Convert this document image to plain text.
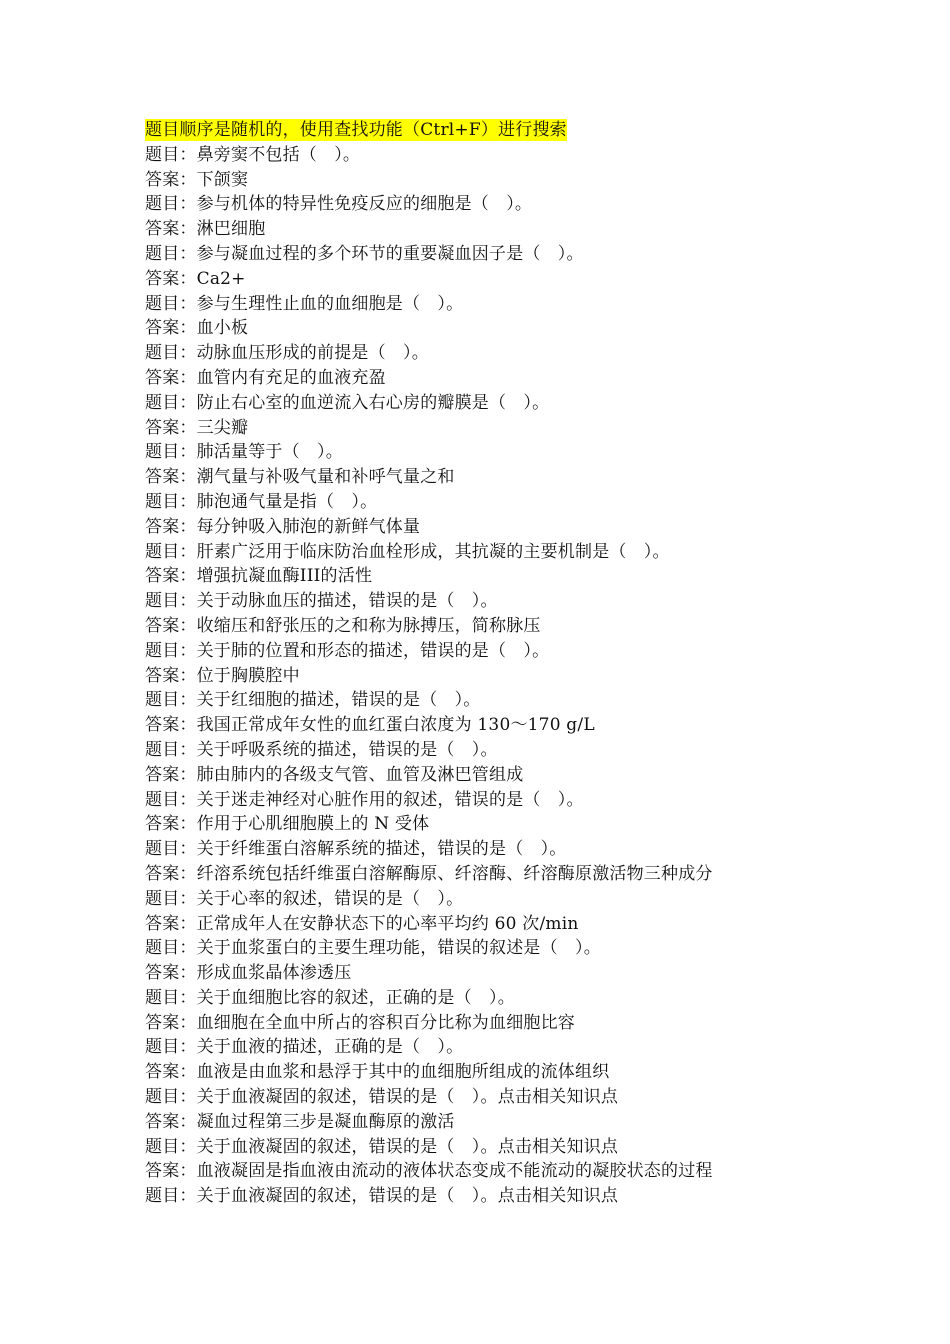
题目顺序是随机的，使用查找功能（Ctrl+F）进行搜索
题目：鼻旁窦不包括（　）。
答案：下颌窦
题目：参与机体的特异性免疫反应的细胞是（　）。
答案：淋巴细胞
题目：参与凝血过程的多个环节的重要凝血因子是（　）。
答案：Ca2+
题目：参与生理性止血的血细胞是（　）。
答案：血小板
题目：动脉血压形成的前提是（　）。
答案：血管内有充足的血液充盈
题目：防止右心室的血逆流入右心房的瓣膜是（　）。
答案：三尖瓣
题目：肺活量等于（　）。
答案：潮气量与补吸气量和补呼气量之和
题目：肺泡通气量是指（　）。
答案：每分钟吸入肺泡的新鲜气体量
题目：肝素广泛用于临床防治血栓形成，其抗凝的主要机制是（　）。
答案：增强抗凝血酶III的活性
题目：关于动脉血压的描述，错误的是（　）。
答案：收缩压和舒张压的之和称为脉搏压，简称脉压
题目：关于肺的位置和形态的描述，错误的是（　）。
答案：位于胸膜腔中
题目：关于红细胞的描述，错误的是（　）。
答案：我国正常成年女性的血红蛋白浓度为 130～170 g/L
题目：关于呼吸系统的描述，错误的是（　）。
答案：肺由肺内的各级支气管、血管及淋巴管组成
题目：关于迷走神经对心脏作用的叙述，错误的是（　）。
答案：作用于心肌细胞膜上的 N 受体
题目：关于纤维蛋白溶解系统的描述，错误的是（　）。
答案：纤溶系统包括纤维蛋白溶解酶原、纤溶酶、纤溶酶原激活物三种成分
题目：关于心率的叙述，错误的是（　）。
答案：正常成年人在安静状态下的心率平均约 60 次/min
题目：关于血浆蛋白的主要生理功能，错误的叙述是（　）。
答案：形成血浆晶体渗透压
题目：关于血细胞比容的叙述，正确的是（　）。
答案：血细胞在全血中所占的容积百分比称为血细胞比容
题目：关于血液的描述，正确的是（　）。
答案：血液是由血浆和悬浮于其中的血细胞所组成的流体组织
题目：关于血液凝固的叙述，错误的是（　）。点击相关知识点
答案：凝血过程第三步是凝血酶原的激活
题目：关于血液凝固的叙述，错误的是（　）。点击相关知识点
答案：血液凝固是指血液由流动的液体状态变成不能流动的凝胶状态的过程
题目：关于血液凝固的叙述，错误的是（　）。点击相关知识点
